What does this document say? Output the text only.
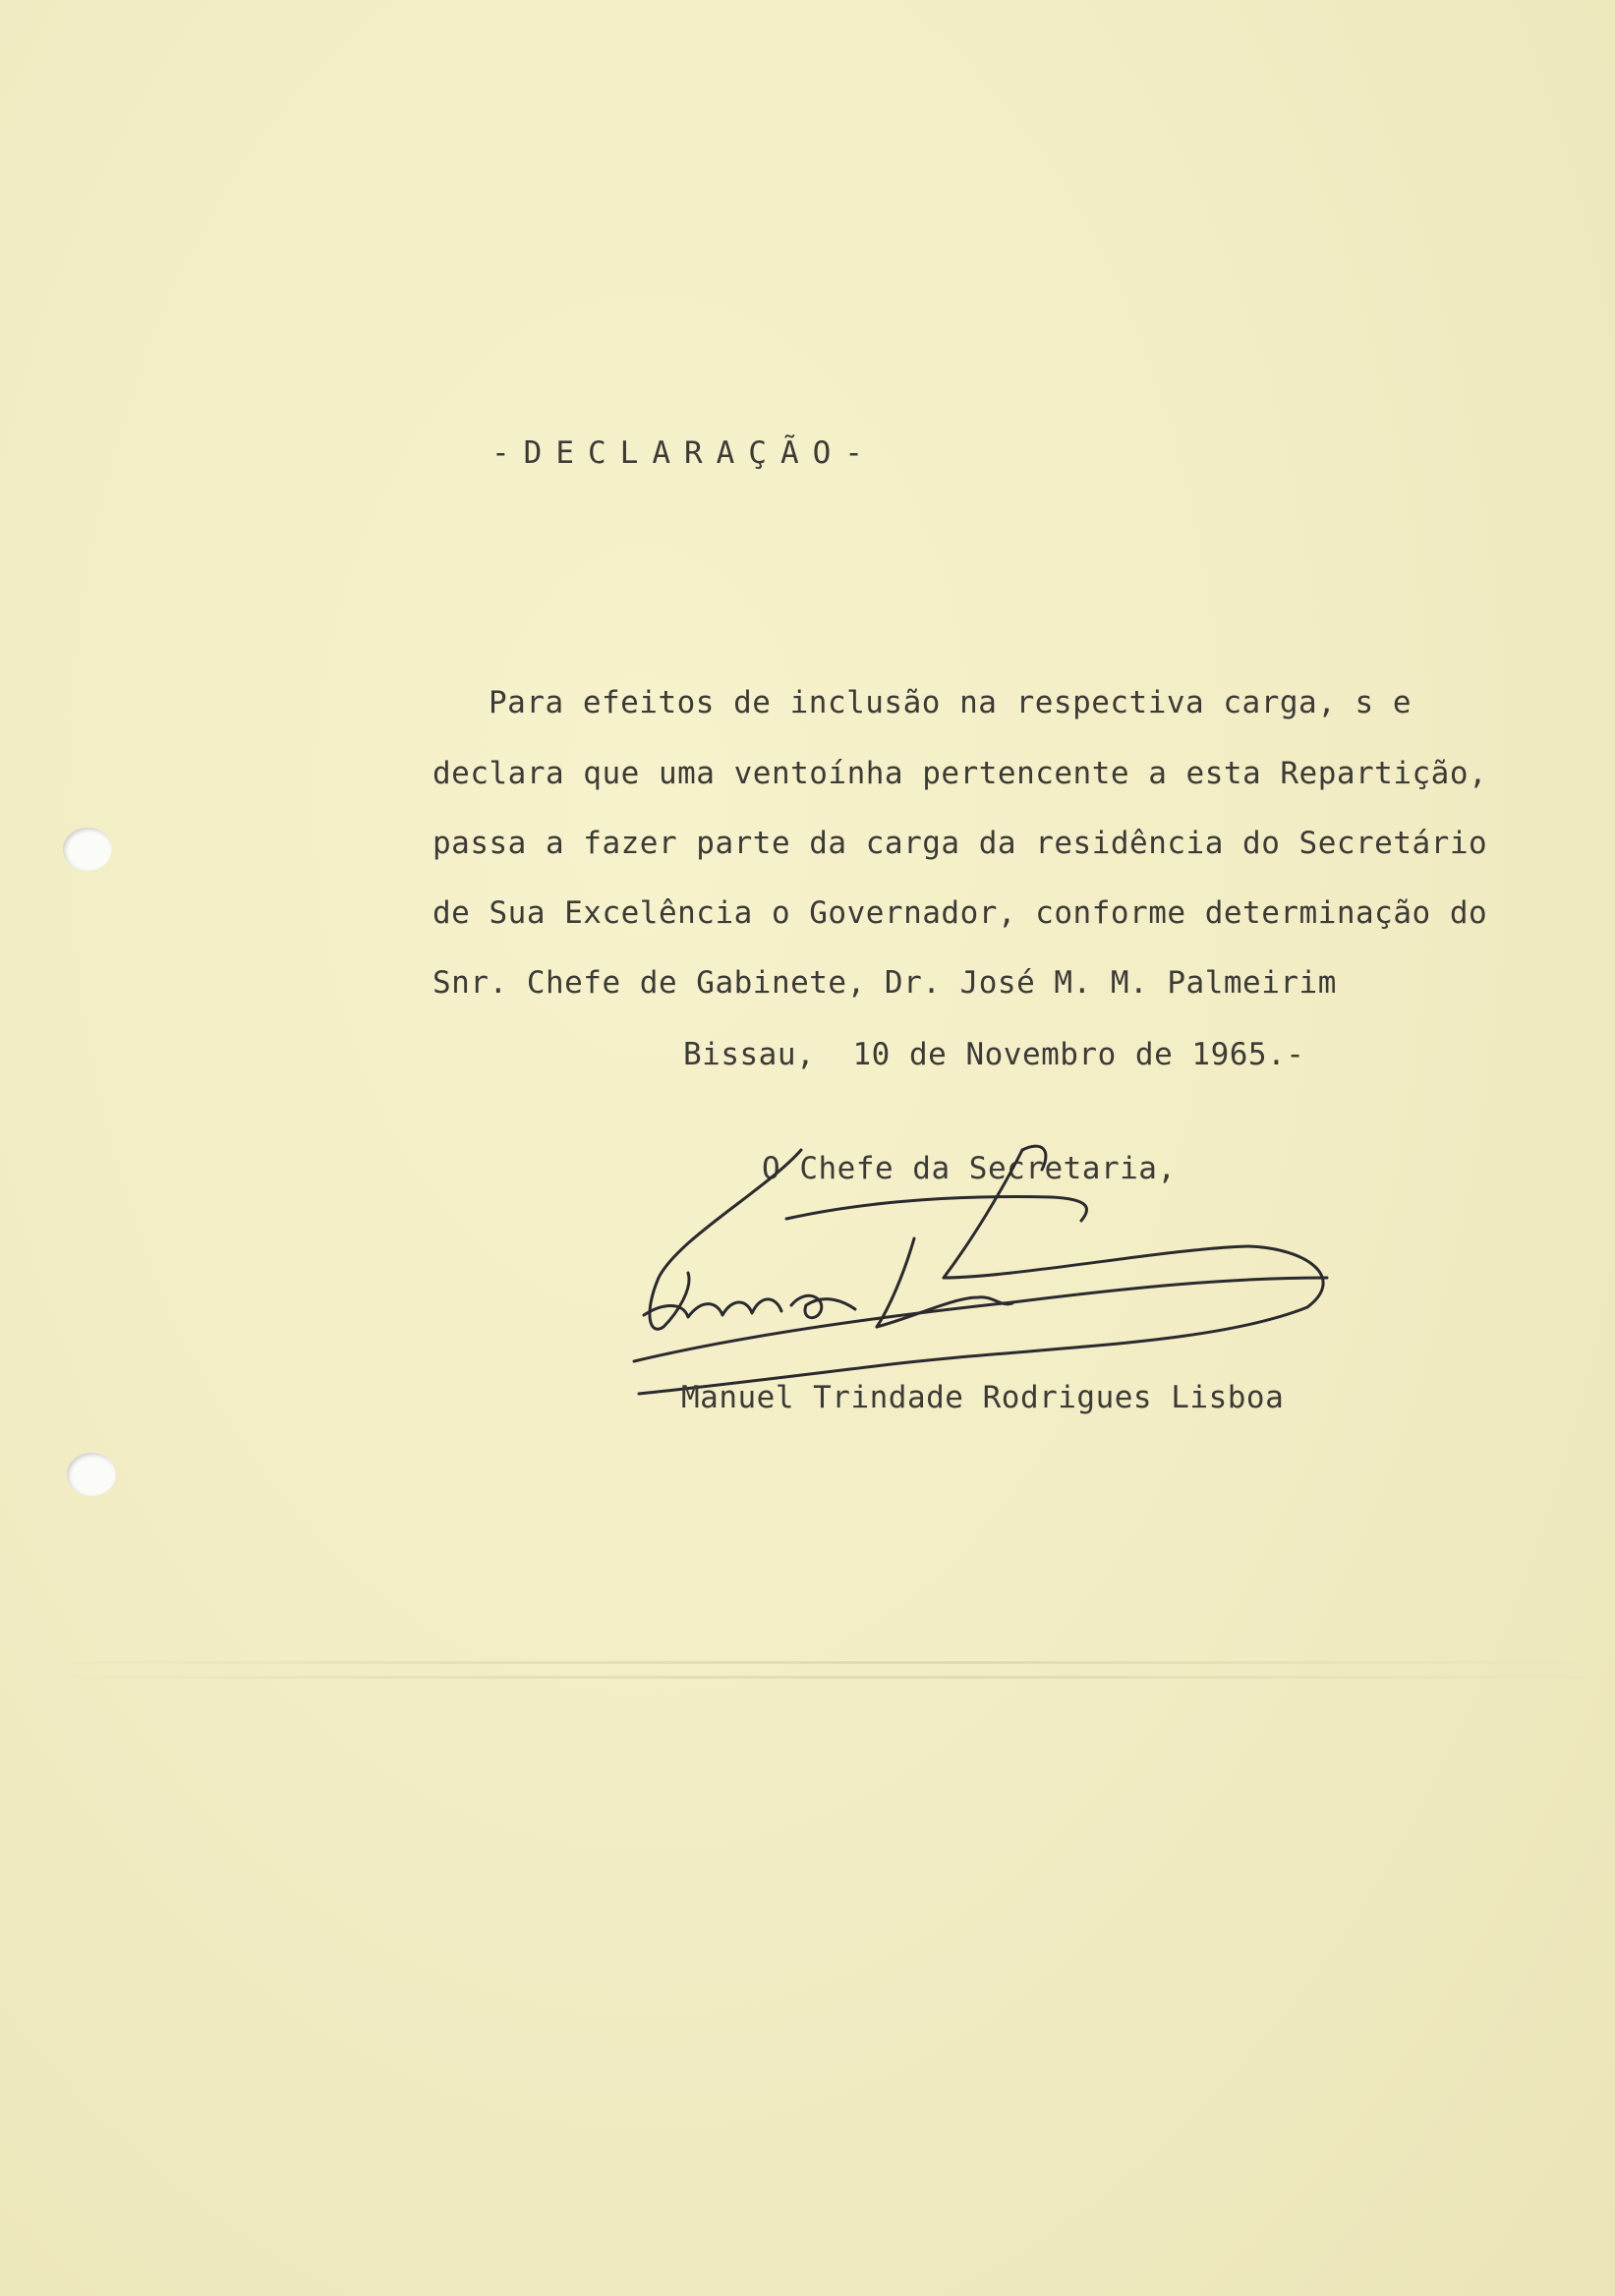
-DECLARAÇÃO-
Para efeitos de inclusão na respectiva carga, s e
declara que uma ventoínha pertencente a esta Repartição,
passa a fazer parte da carga da residência do Secretário
de Sua Excelência o Governador, conforme determinação do
Snr. Chefe de Gabinete, Dr. José M. M. Palmeirim
Bissau,  10 de Novembro de 1965.-
O Chefe da Secretaria,
Manuel Trindade Rodrigues Lisboa
